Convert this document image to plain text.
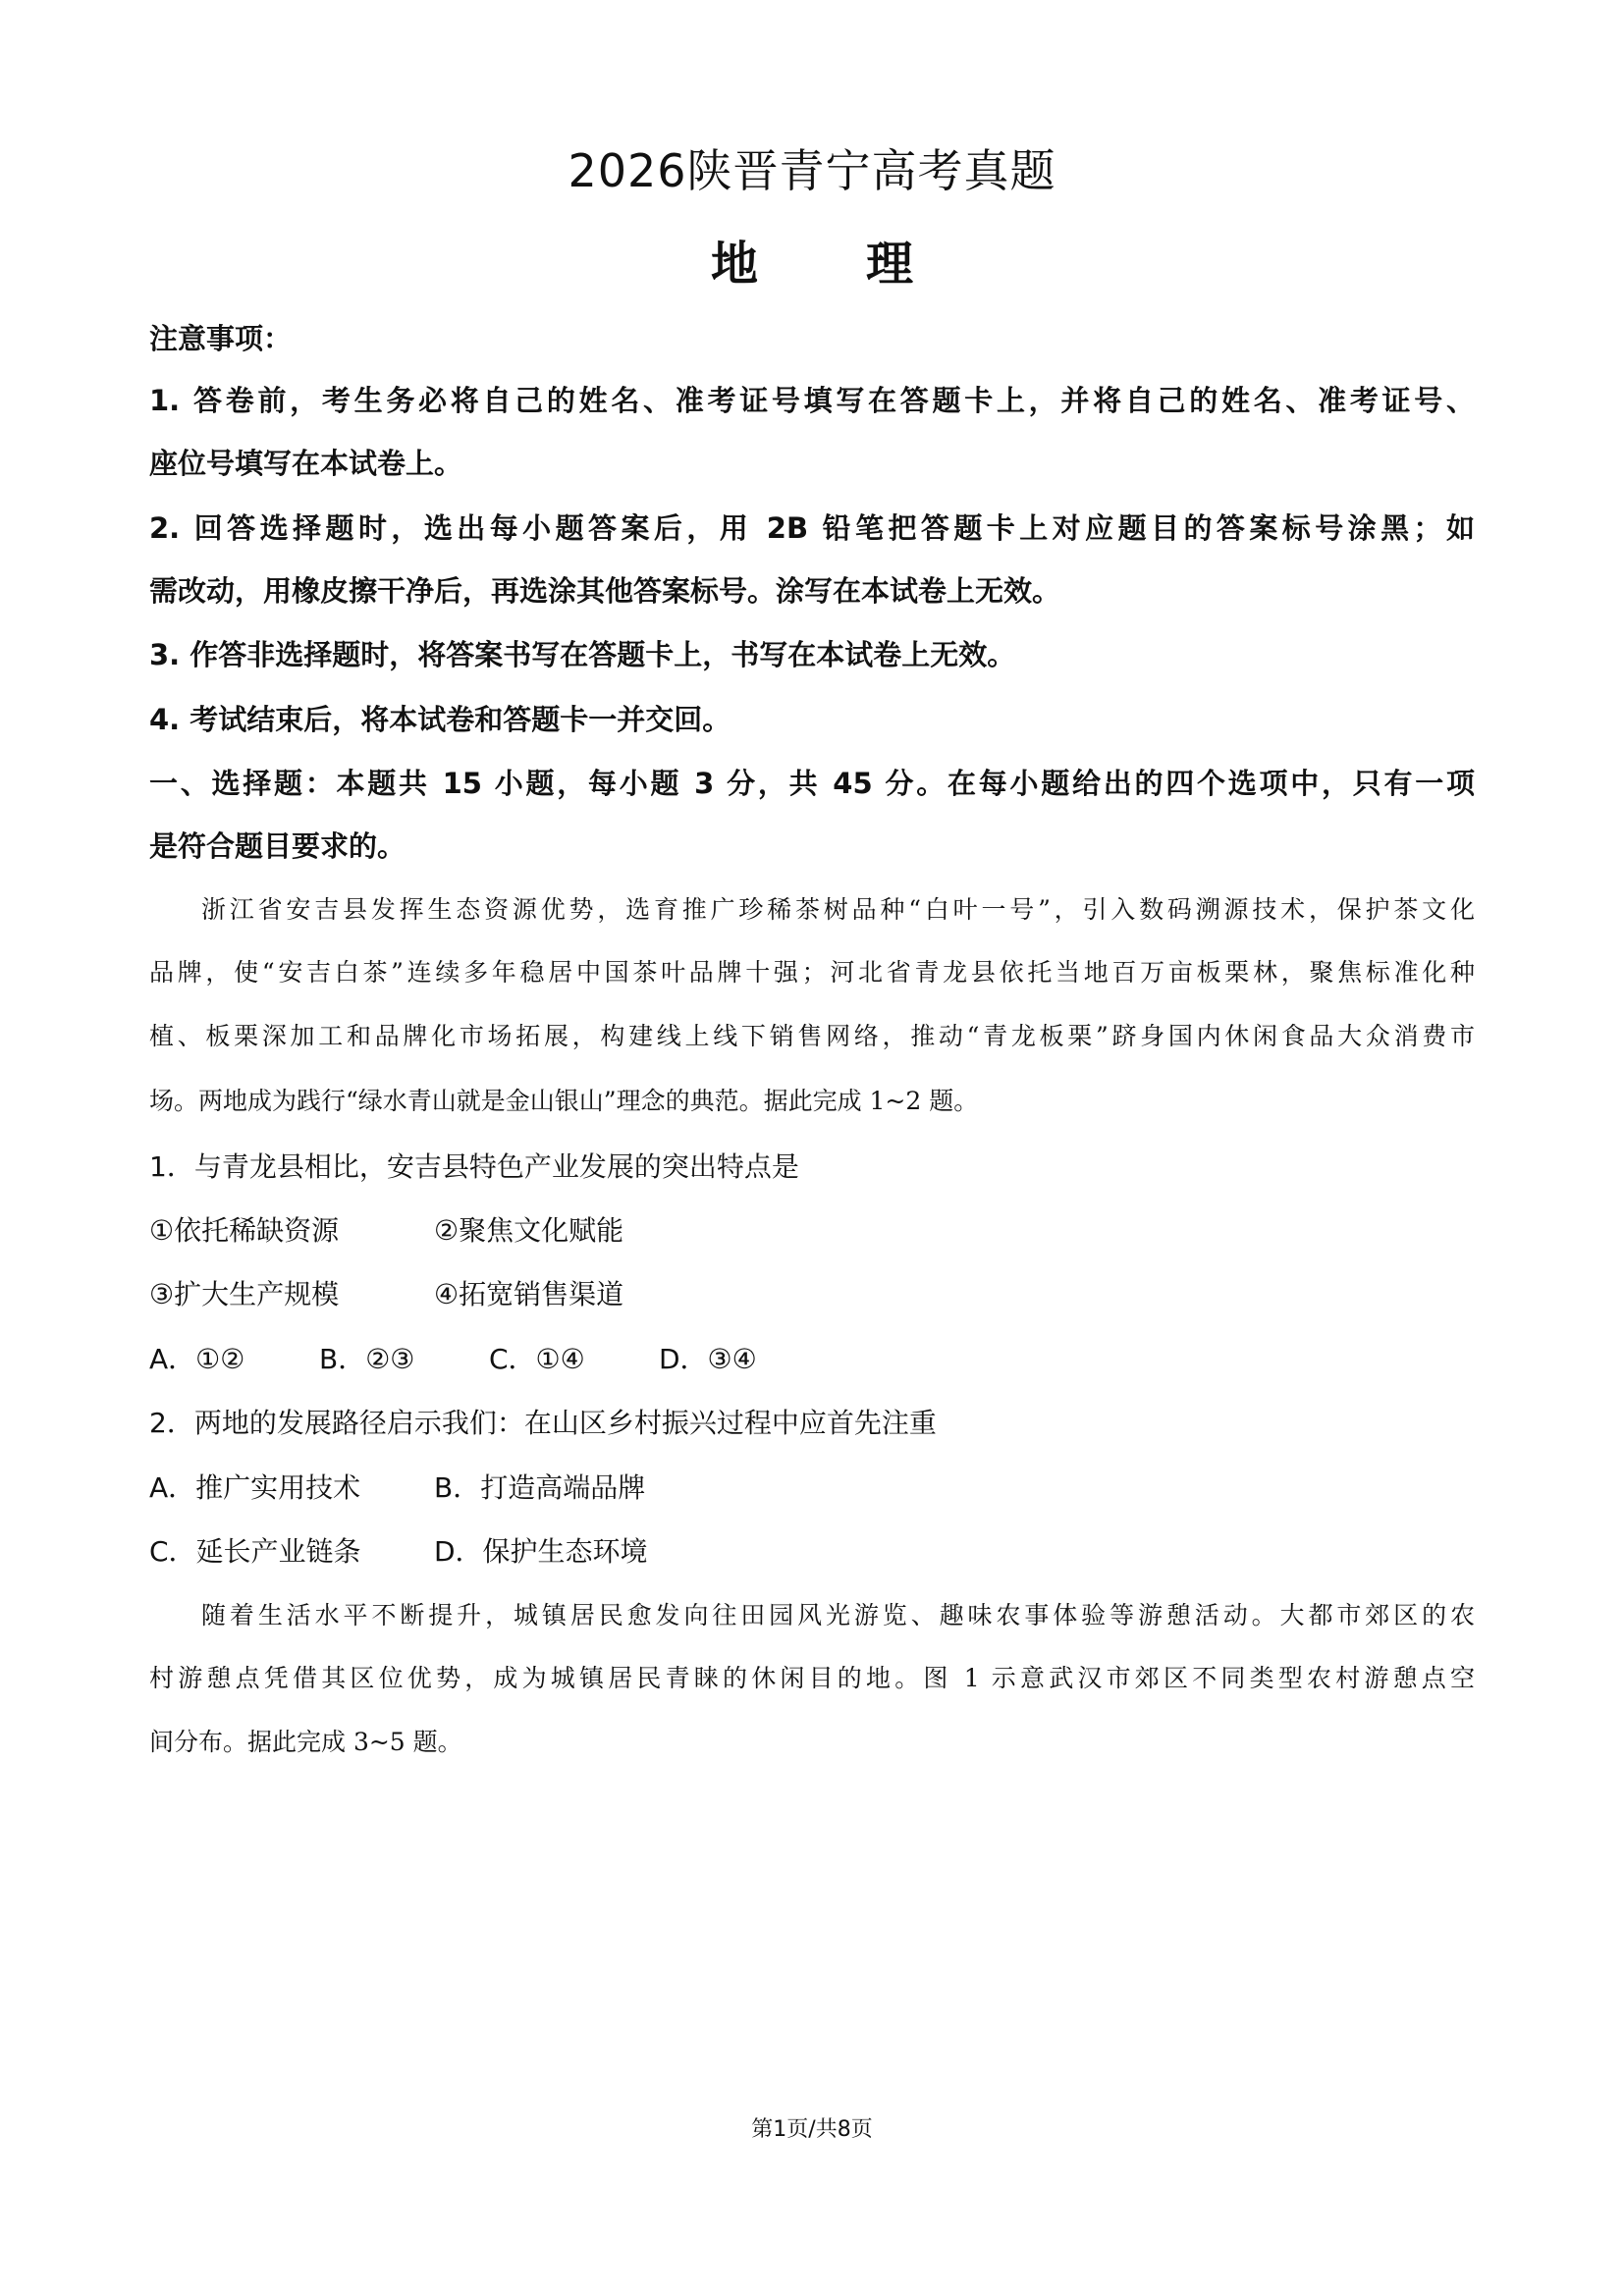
2026陕晋青宁高考真题
地 理
注意事项：
1. 答卷前，考生务必将自己的姓名、准考证号填写在答题卡上，并将自己的姓名、准考证号、
座位号填写在本试卷上。
2. 回答选择题时，选出每小题答案后，用 2B 铅笔把答题卡上对应题目的答案标号涂黑；如
需改动，用橡皮擦干净后，再选涂其他答案标号。涂写在本试卷上无效。
3. 作答非选择题时，将答案书写在答题卡上，书写在本试卷上无效。
4. 考试结束后，将本试卷和答题卡一并交回。
一、选择题：本题共 15 小题，每小题 3 分，共 45 分。在每小题给出的四个选项中，只有一项
是符合题目要求的。
浙江省安吉县发挥生态资源优势，选育推广珍稀茶树品种“白叶一号”，引入数码溯源技术，保护茶文化
品牌，使“安吉白茶”连续多年稳居中国茶叶品牌十强；河北省青龙县依托当地百万亩板栗林，聚焦标准化种
植、板栗深加工和品牌化市场拓展，构建线上线下销售网络，推动“青龙板栗”跻身国内休闲食品大众消费市
场。两地成为践行“绿水青山就是金山银山”理念的典范。据此完成 1~2 题。
1．与青龙县相比，安吉县特色产业发展的突出特点是
①依托稀缺资源	②聚焦文化赋能
③扩大生产规模	④拓宽销售渠道
A．①②	B．②③	C．①④	D．③④
2．两地的发展路径启示我们：在山区乡村振兴过程中应首先注重
A．推广实用技术	B．打造高端品牌
C．延长产业链条	D．保护生态环境
随着生活水平不断提升，城镇居民愈发向往田园风光游览、趣味农事体验等游憩活动。大都市郊区的农
村游憩点凭借其区位优势，成为城镇居民青睐的休闲目的地。图 1 示意武汉市郊区不同类型农村游憩点空
间分布。据此完成 3~5 题。
第1页/共8页
